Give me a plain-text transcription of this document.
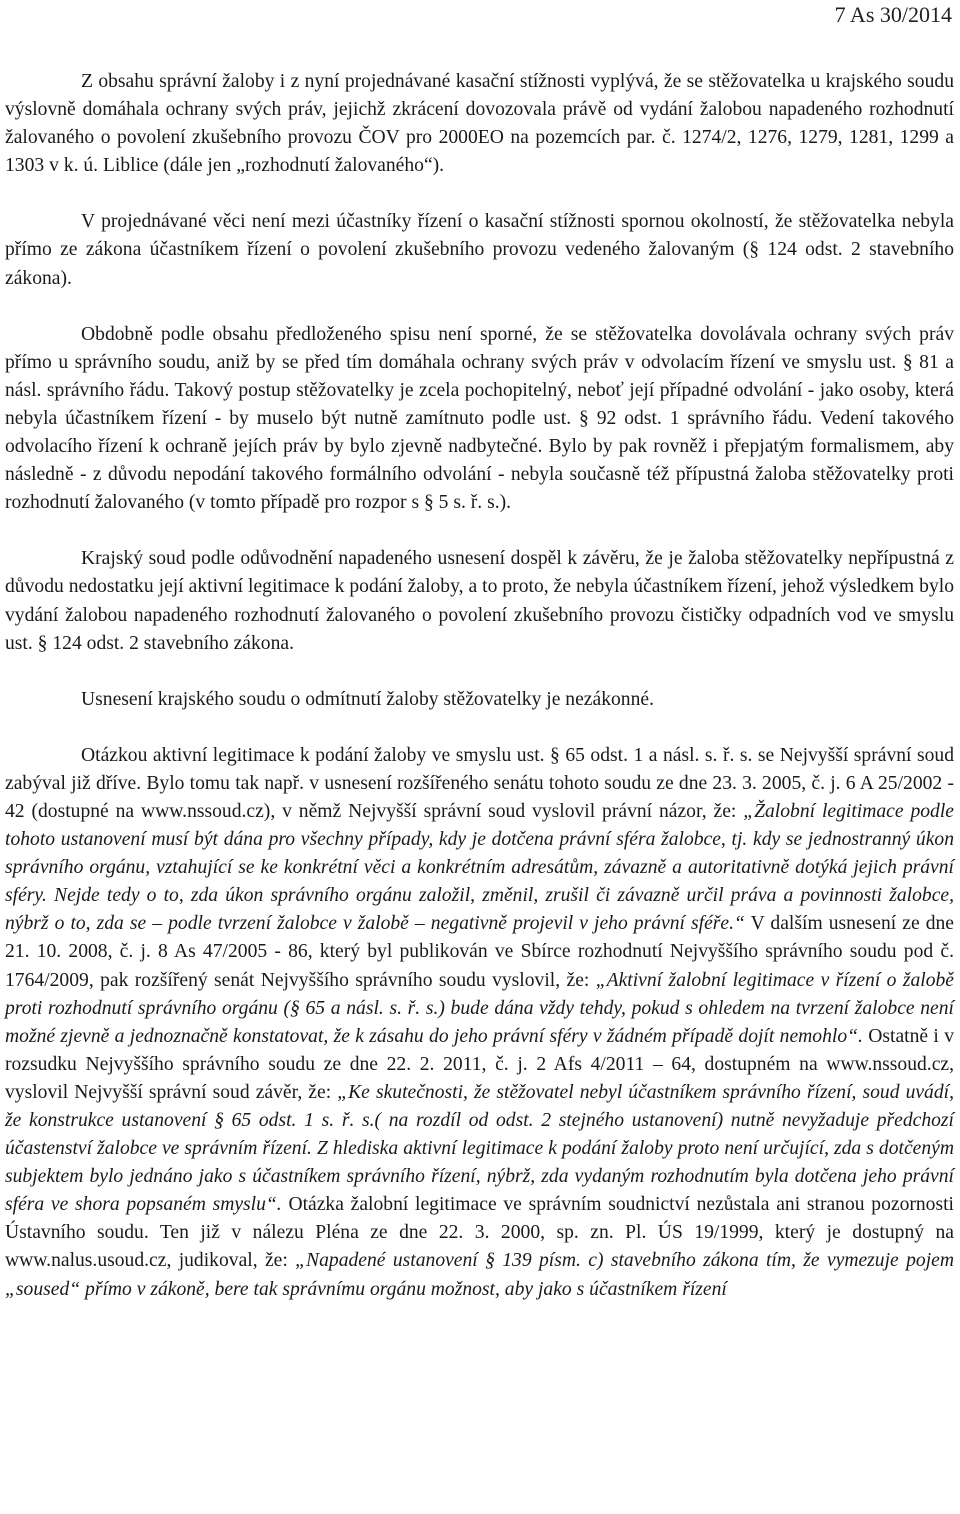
7 As 30/2014

Z obsahu správní žaloby i z nyní projednávané kasační stížnosti vyplývá, že se stěžovatelka u krajského soudu výslovně domáhala ochrany svých práv, jejichž zkrácení dovozovala právě od vydání žalobou napadeného rozhodnutí žalovaného o povolení zkušebního provozu ČOV pro 2000EO na pozemcích par. č. 1274/2, 1276, 1279, 1281, 1299 a 1303 v k. ú. Liblice (dále jen „rozhodnutí žalovaného“).

V projednávané věci není mezi účastníky řízení o kasační stížnosti spornou okolností, že stěžovatelka nebyla přímo ze zákona účastníkem řízení o povolení zkušebního provozu vedeného žalovaným (§ 124 odst. 2 stavebního zákona).

Obdobně podle obsahu předloženého spisu není sporné, že se stěžovatelka dovolávala ochrany svých práv přímo u správního soudu, aniž by se před tím domáhala ochrany svých práv v odvolacím řízení ve smyslu ust. § 81 a násl. správního řádu. Takový postup stěžovatelky je zcela pochopitelný, neboť její případné odvolání - jako osoby, která nebyla účastníkem řízení - by muselo být nutně zamítnuto podle ust. § 92 odst. 1 správního řádu. Vedení takového odvolacího řízení k ochraně jejích práv by bylo zjevně nadbytečné. Bylo by pak rovněž i přepjatým formalismem, aby následně - z důvodu nepodání takového formálního odvolání - nebyla současně též přípustná žaloba stěžovatelky proti rozhodnutí žalovaného (v tomto případě pro rozpor s § 5 s. ř. s.).

Krajský soud podle odůvodnění napadeného usnesení dospěl k závěru, že je žaloba stěžovatelky nepřípustná z důvodu nedostatku její aktivní legitimace k podání žaloby, a to proto, že nebyla účastníkem řízení, jehož výsledkem bylo vydání žalobou napadeného rozhodnutí žalovaného o povolení zkušebního provozu čističky odpadních vod ve smyslu ust. § 124 odst. 2 stavebního zákona.

Usnesení krajského soudu o odmítnutí žaloby stěžovatelky je nezákonné.

Otázkou aktivní legitimace k podání žaloby ve smyslu ust. § 65 odst. 1 a násl. s. ř. s. se Nejvyšší správní soud zabýval již dříve. Bylo tomu tak např. v usnesení rozšířeného senátu tohoto soudu ze dne 23. 3. 2005, č. j. 6 A 25/2002 - 42 (dostupné na www.nssoud.cz), v němž Nejvyšší správní soud vyslovil právní názor, že: „Žalobní legitimace podle tohoto ustanovení musí být dána pro všechny případy, kdy je dotčena právní sféra žalobce, tj. kdy se jednostranný úkon správního orgánu, vztahující se ke konkrétní věci a konkrétním adresátům, závazně a autoritativně dotýká jejich právní sféry. Nejde tedy o to, zda úkon správního orgánu založil, změnil, zrušil či závazně určil práva a povinnosti žalobce, nýbrž o to, zda se – podle tvrzení žalobce v žalobě – negativně projevil v jeho právní sféře.“ V dalším usnesení ze dne 21. 10. 2008, č. j. 8 As 47/2005 - 86, který byl publikován ve Sbírce rozhodnutí Nejvyššího správního soudu pod č. 1764/2009, pak rozšířený senát Nejvyššího správního soudu vyslovil, že: „Aktivní žalobní legitimace v řízení o žalobě proti rozhodnutí správního orgánu (§ 65 a násl. s. ř. s.) bude dána vždy tehdy, pokud s ohledem na tvrzení žalobce není možné zjevně a jednoznačně konstatovat, že k zásahu do jeho právní sféry v žádném případě dojít nemohlo“. Ostatně i v rozsudku Nejvyššího správního soudu ze dne 22. 2. 2011, č. j. 2 Afs 4/2011 – 64, dostupném na www.nssoud.cz, vyslovil Nejvyšší správní soud závěr, že: „Ke skutečnosti, že stěžovatel nebyl účastníkem správního řízení, soud uvádí, že konstrukce ustanovení § 65 odst. 1 s. ř. s.( na rozdíl od odst. 2 stejného ustanovení) nutně nevyžaduje předchozí účastenství žalobce ve správním řízení. Z hlediska aktivní legitimace k podání žaloby proto není určující, zda s dotčeným subjektem bylo jednáno jako s účastníkem správního řízení, nýbrž, zda vydaným rozhodnutím byla dotčena jeho právní sféra ve shora popsaném smyslu“. Otázka žalobní legitimace ve správním soudnictví nezůstala ani stranou pozornosti Ústavního soudu. Ten již v nálezu Pléna ze dne 22. 3. 2000, sp. zn. Pl. ÚS 19/1999, který je dostupný na www.nalus.usoud.cz, judikoval, že: „Napadené ustanovení § 139 písm. c) stavebního zákona tím, že vymezuje pojem „soused“ přímo v zákoně, bere tak správnímu orgánu možnost, aby jako s účastníkem řízení
